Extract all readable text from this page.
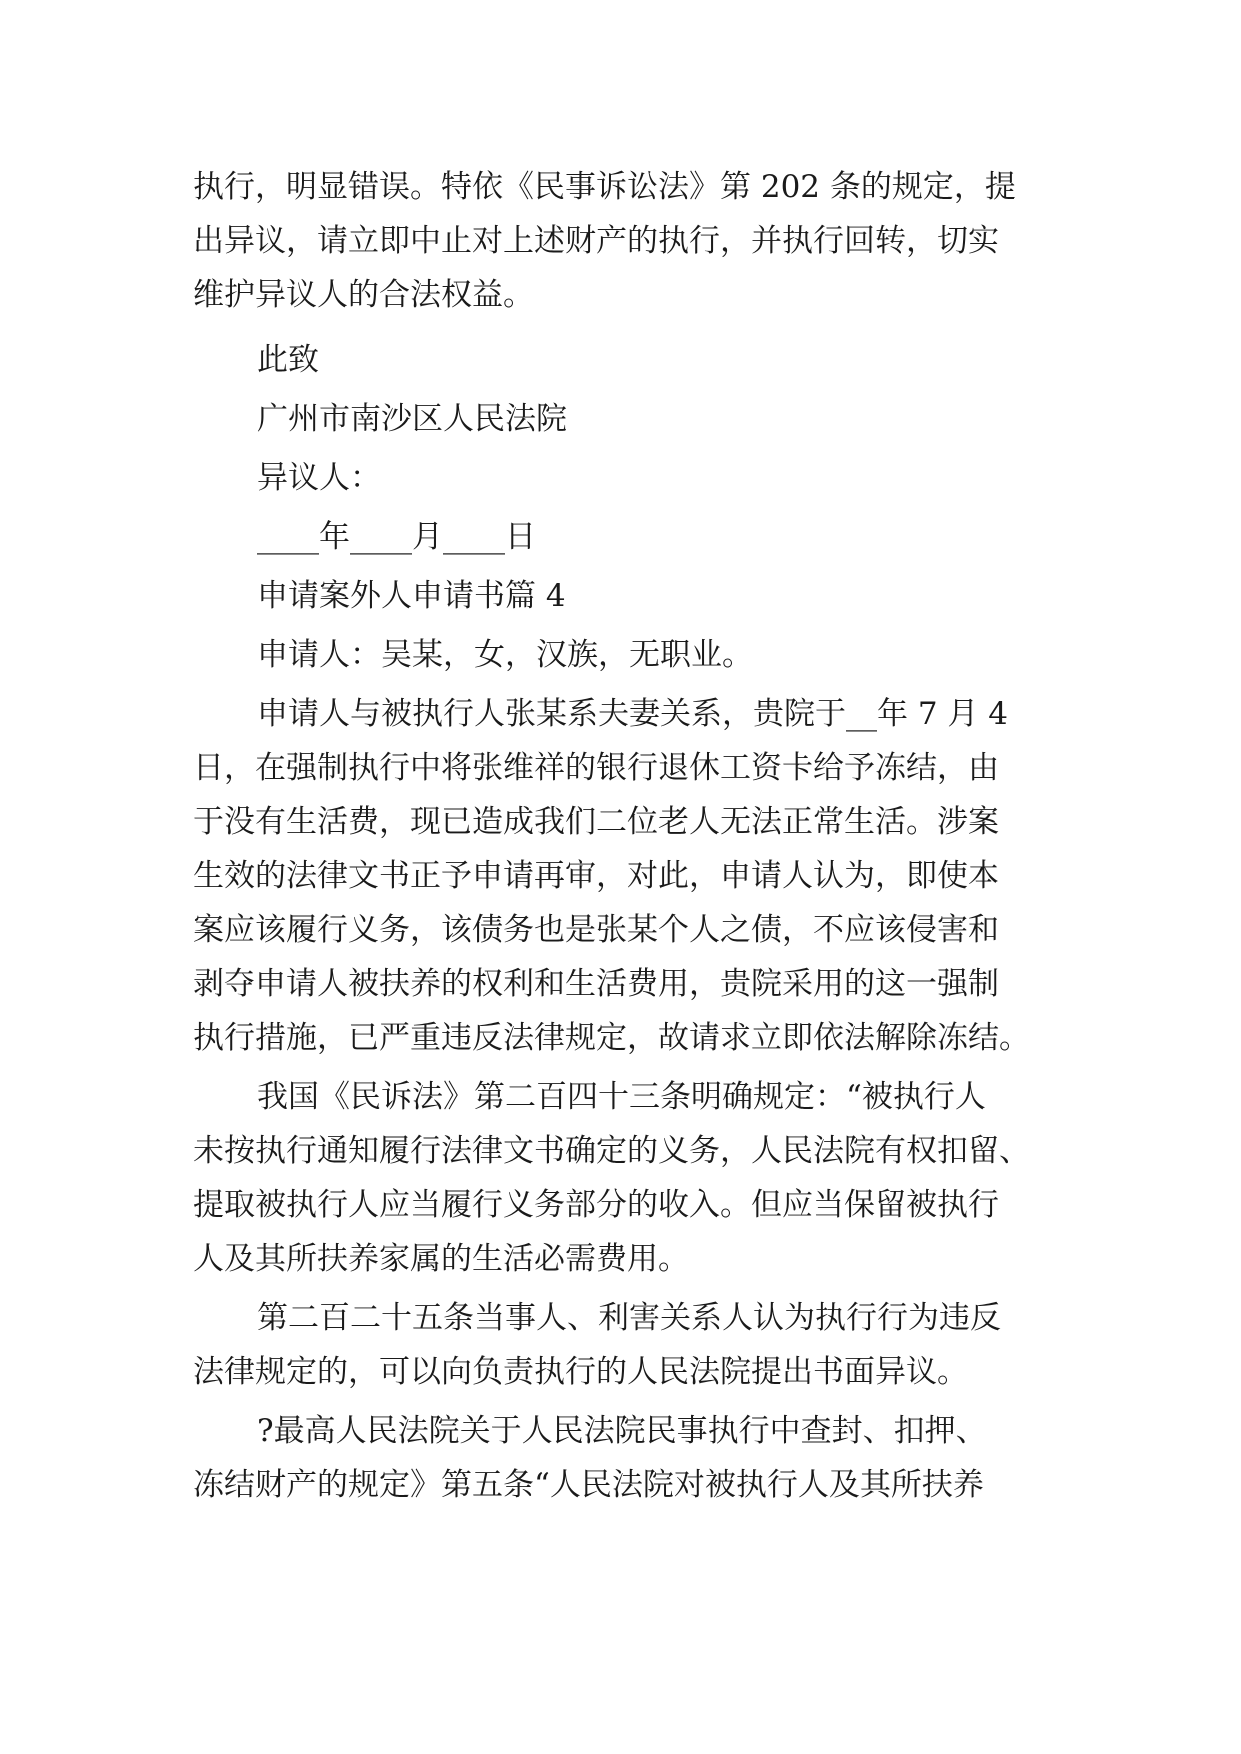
执行，明显错误。特依《民事诉讼法》第 202 条的规定，提
出异议，请立即中止对上述财产的执行，并执行回转，切实
维护异议人的合法权益。
此致
广州市南沙区人民法院
异议人：
____年____月____日
申请案外人申请书篇 4
申请人：吴某，女，汉族，无职业。
申请人与被执行人张某系夫妻关系，贵院于__年 7 月 4
日，在强制执行中将张维祥的银行退休工资卡给予冻结，由
于没有生活费，现已造成我们二位老人无法正常生活。涉案
生效的法律文书正予申请再审，对此，申请人认为，即使本
案应该履行义务，该债务也是张某个人之债，不应该侵害和
剥夺申请人被扶养的权利和生活费用，贵院采用的这一强制
执行措施，已严重违反法律规定，故请求立即依法解除冻结。
我国《民诉法》第二百四十三条明确规定：“被执行人
未按执行通知履行法律文书确定的义务，人民法院有权扣留、
提取被执行人应当履行义务部分的收入。但应当保留被执行
人及其所扶养家属的生活必需费用。
第二百二十五条当事人、利害关系人认为执行行为违反
法律规定的，可以向负责执行的人民法院提出书面异议。
?最高人民法院关于人民法院民事执行中查封、扣押、
冻结财产的规定》第五条“人民法院对被执行人及其所扶养
